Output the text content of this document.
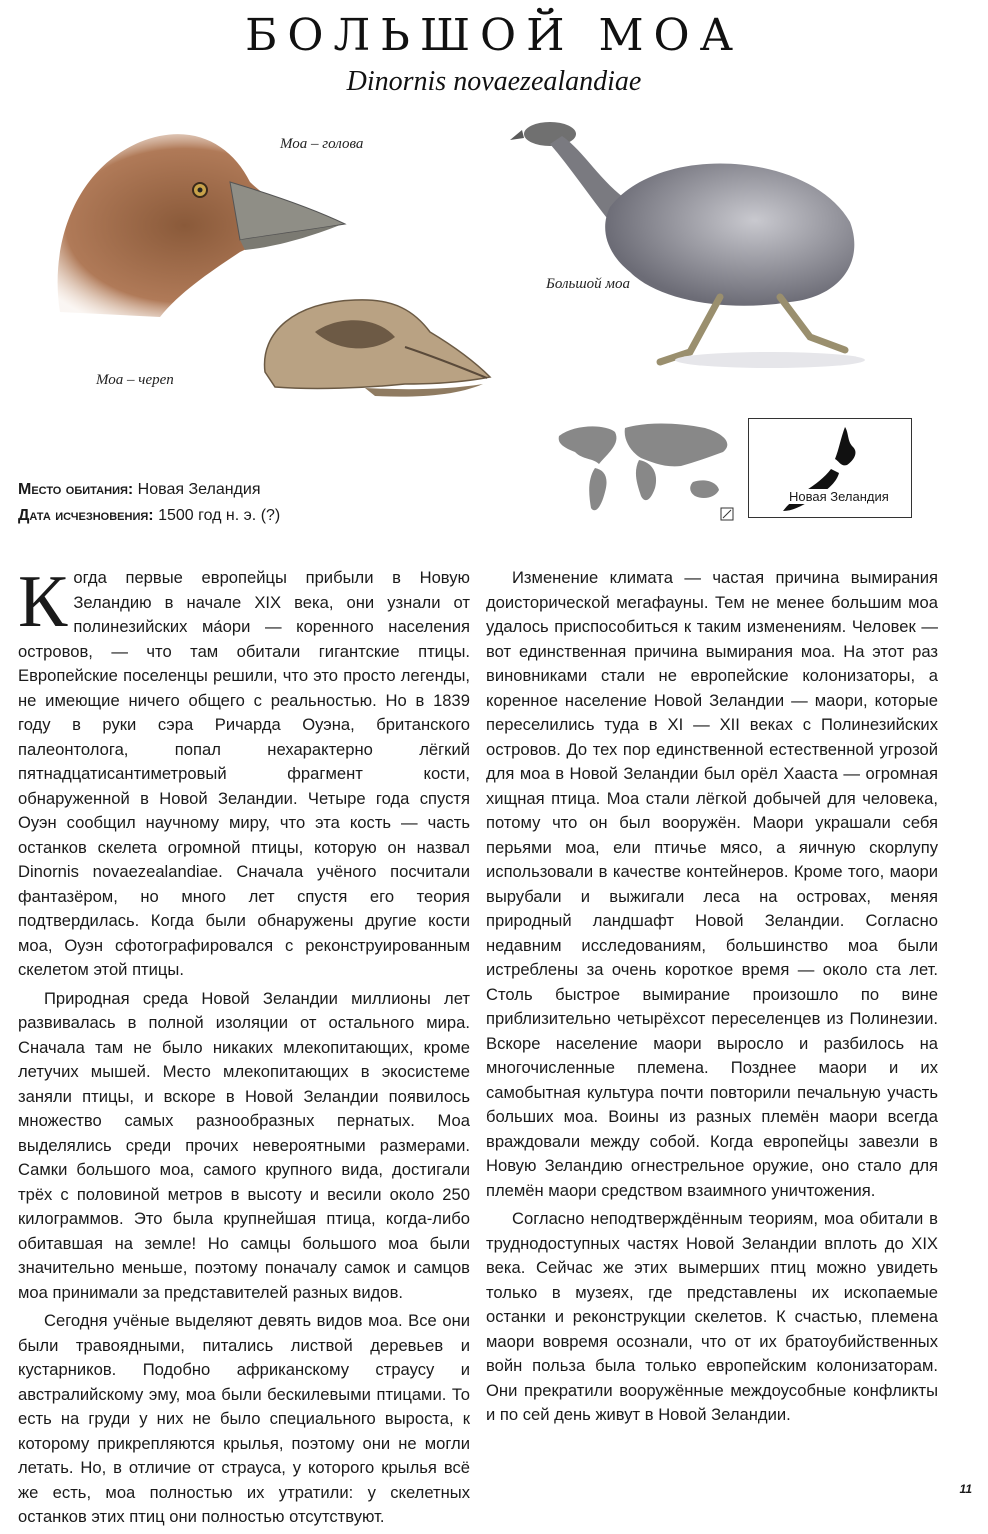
БОЛЬШОЙ МОА
Dinornis novaezealandiae
Моа – голова
Моа – череп
Большой моа
Место обитания: Новая Зеландия
Дата исчезновения: 1500 год н. э. (?)
Новая Зеландия

Когда первые европейцы прибыли в Новую Зеландию в начале XIX века, они узнали от полинезийских ма́ори — коренного населения островов, — что там обитали гигантские птицы. Европейские поселенцы решили, что это просто легенды, не имеющие ничего общего с реальностью. Но в 1839 году в руки сэра Ричарда Оуэна, британского палеонтолога, попал нехарактерно лёгкий пятнадцатисантиметровый фрагмент кости, обнаруженной в Новой Зеландии. Четыре года спустя Оуэн сообщил научному миру, что эта кость — часть останков скелета огромной птицы, которую он назвал Dinornis novaezealandiae. Сначала учёного посчитали фантазёром, но много лет спустя его теория подтвердилась. Когда были обнаружены другие кости моа, Оуэн сфотографировался с реконструированным скелетом этой птицы.

Природная среда Новой Зеландии миллионы лет развивалась в полной изоляции от остального мира. Сначала там не было никаких млекопитающих, кроме летучих мышей. Место млекопитающих в экосистеме заняли птицы, и вскоре в Новой Зеландии появилось множество самых разнообразных пернатых. Моа выделялись среди прочих невероятными размерами. Самки большого моа, самого крупного вида, достигали трёх с половиной метров в высоту и весили около 250 килограммов. Это была крупнейшая птица, когда-либо обитавшая на земле! Но самцы большого моа были значительно меньше, поэтому поначалу самок и самцов моа принимали за представителей разных видов.

Сегодня учёные выделяют девять видов моа. Все они были травоядными, питались листвой деревьев и кустарников. Подобно африканскому страусу и австралийскому эму, моа были бескилевыми птицами. То есть на груди у них не было специального выроста, к которому прикрепляются крылья, поэтому они не могли летать. Но, в отличие от страуса, у которого крылья всё же есть, моа полностью их утратили: у скелетных останков этих птиц они полностью отсутствуют.

Изменение климата — частая причина вымирания доисторической мегафауны. Тем не менее большим моа удалось приспособиться к таким изменениям. Человек — вот единственная причина вымирания моа. На этот раз виновниками стали не европейские колонизаторы, а коренное население Новой Зеландии — маори, которые переселились туда в XI — XII веках с Полинезийских островов. До тех пор единственной естественной угрозой для моа в Новой Зеландии был орёл Хааста — огромная хищная птица. Моа стали лёгкой добычей для человека, потому что он был вооружён. Маори украшали себя перьями моа, ели птичье мясо, а яичную скорлупу использовали в качестве контейнеров. Кроме того, маори вырубали и выжигали леса на островах, меняя природный ландшафт Новой Зеландии. Согласно недавним исследованиям, большинство моа были истреблены за очень короткое время — около ста лет. Столь быстрое вымирание произошло по вине приблизительно четырёхсот переселенцев из Полинезии. Вскоре население маори выросло и разбилось на многочисленные племена. Позднее маори и их самобытная культура почти повторили печальную участь больших моа. Воины из разных племён маори всегда враждовали между собой. Когда европейцы завезли в Новую Зеландию огнестрельное оружие, оно стало для племён маори средством взаимного уничтожения.

Согласно неподтверждённым теориям, моа обитали в труднодоступных частях Новой Зеландии вплоть до XIX века. Сейчас же этих вымерших птиц можно увидеть только в музеях, где представлены их ископаемые останки и реконструкции скелетов. К счастью, племена маори вовремя осознали, что от их братоубийственных войн польза была только европейским колонизаторам. Они прекратили вооружённые междоусобные конфликты и по сей день живут в Новой Зеландии.

11
